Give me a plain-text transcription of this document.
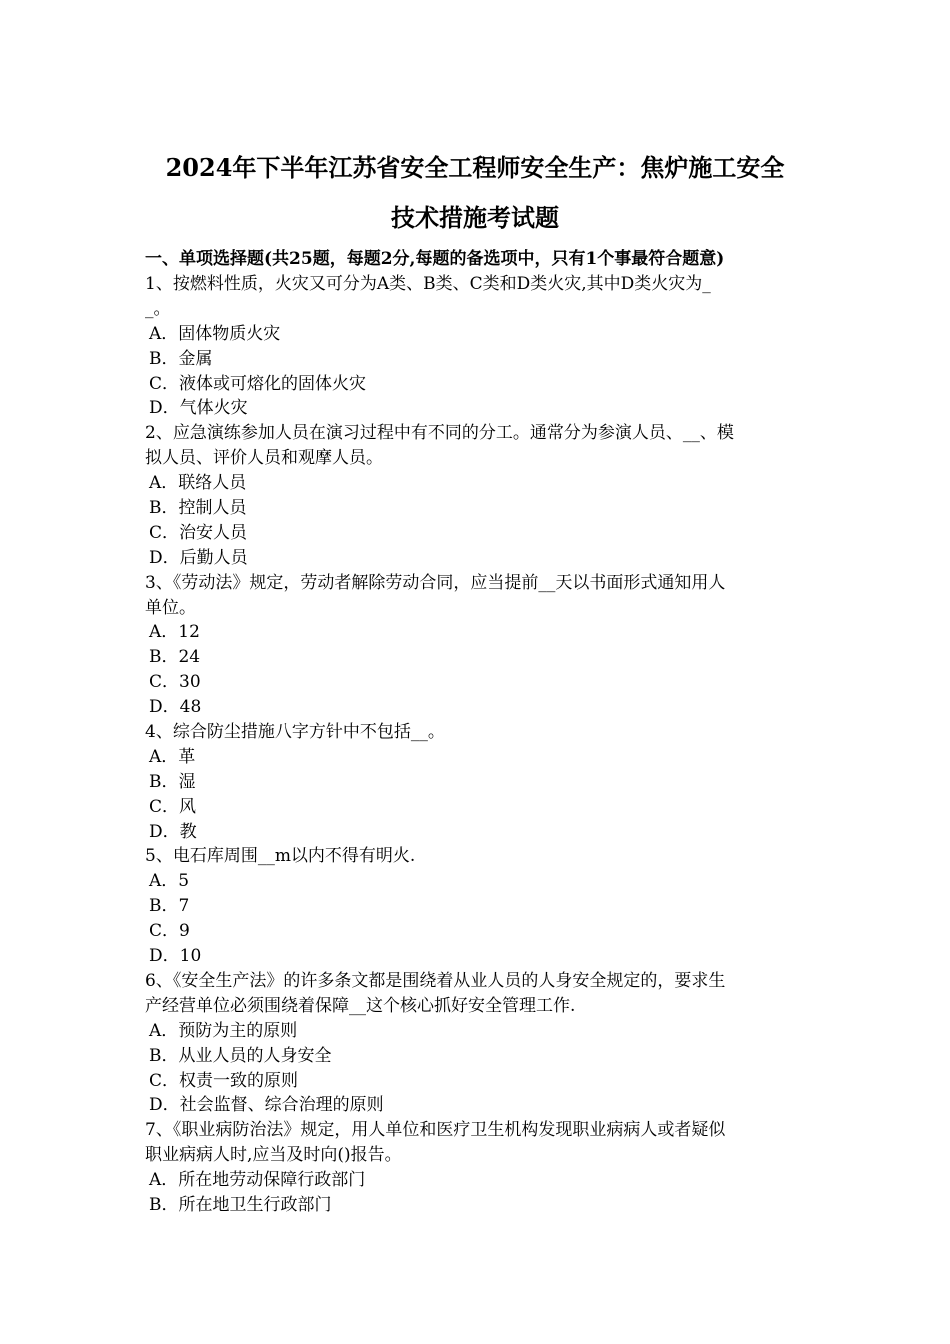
2024年下半年江苏省安全工程师安全生产：焦炉施工安全
技术措施考试题
一、单项选择题(共25题，每题2分,每题的备选项中，只有1个事最符合题意)
1、按燃料性质，火灾又可分为A类、B类、C类和D类火灾,其中D类火灾为_
_。
A．固体物质火灾
B．金属
C．液体或可熔化的固体火灾
D．气体火灾
2、应急演练参加人员在演习过程中有不同的分工。通常分为参演人员、__、模
拟人员、评价人员和观摩人员。
A．联络人员
B．控制人员
C．治安人员
D．后勤人员
3、《劳动法》规定，劳动者解除劳动合同，应当提前__天以书面形式通知用人
单位。
A．12
B．24
C．30
D．48
4、综合防尘措施八字方针中不包括__。
A．革
B．湿
C．风
D．教
5、电石库周围__m以内不得有明火.
A．5
B．7
C．9
D．10
6、《安全生产法》的许多条文都是围绕着从业人员的人身安全规定的，要求生
产经营单位必须围绕着保障__这个核心抓好安全管理工作.
A．预防为主的原则
B．从业人员的人身安全
C．权责一致的原则
D．社会监督、综合治理的原则
7、《职业病防治法》规定，用人单位和医疗卫生机构发现职业病病人或者疑似
职业病病人时,应当及时向()报告。
A．所在地劳动保障行政部门
B．所在地卫生行政部门
